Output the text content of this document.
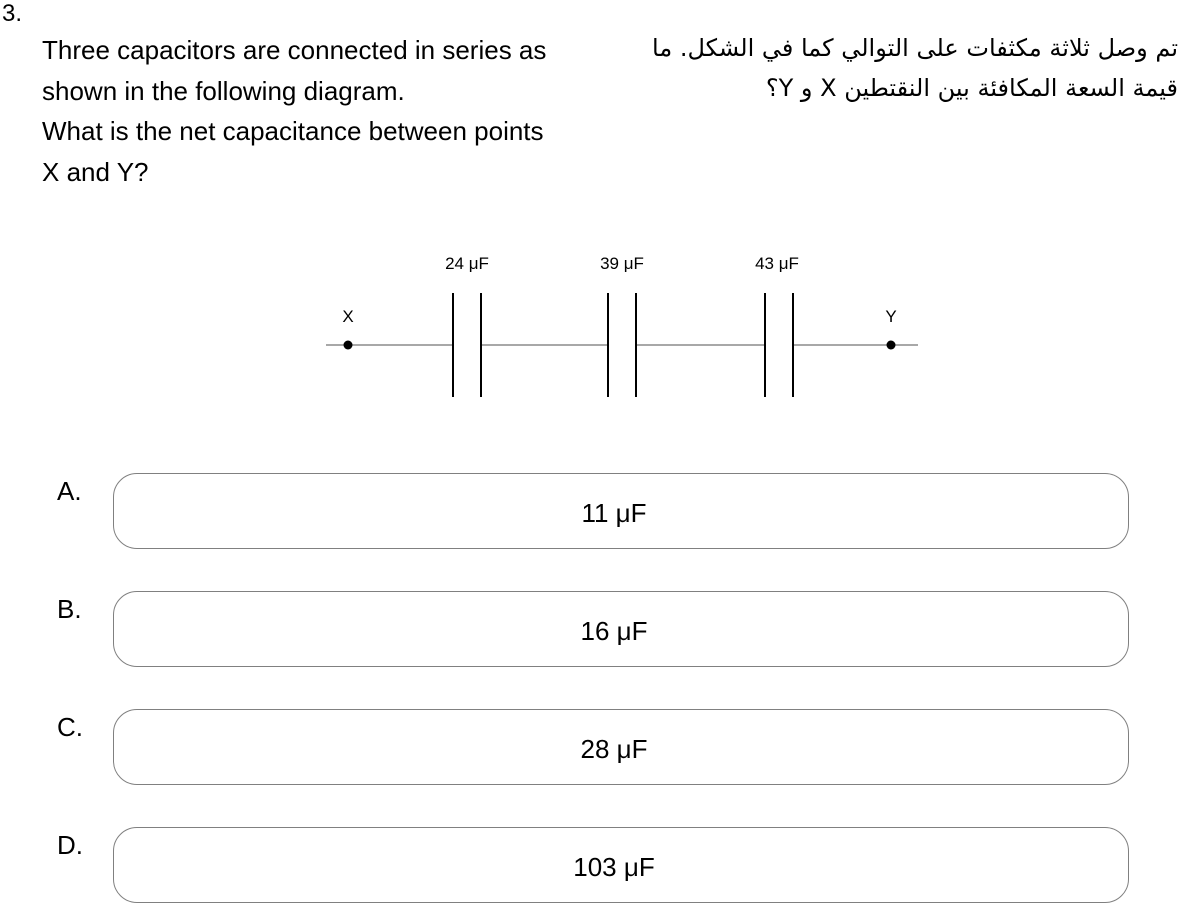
3.

Three capacitors are connected in series as

shown in the following diagram.

What is the net capacitance between points

X and Y?

تم وصل ثلاثة مكثفات على التوالي كما في الشكل. ما
قيمة السعة المكافئة بين النقتطين X و Y؟
X	Y
24 μF	39 μF	43 μF
A.
11 μF
B.
16 μF
C.
28 μF
D.
103 μF
